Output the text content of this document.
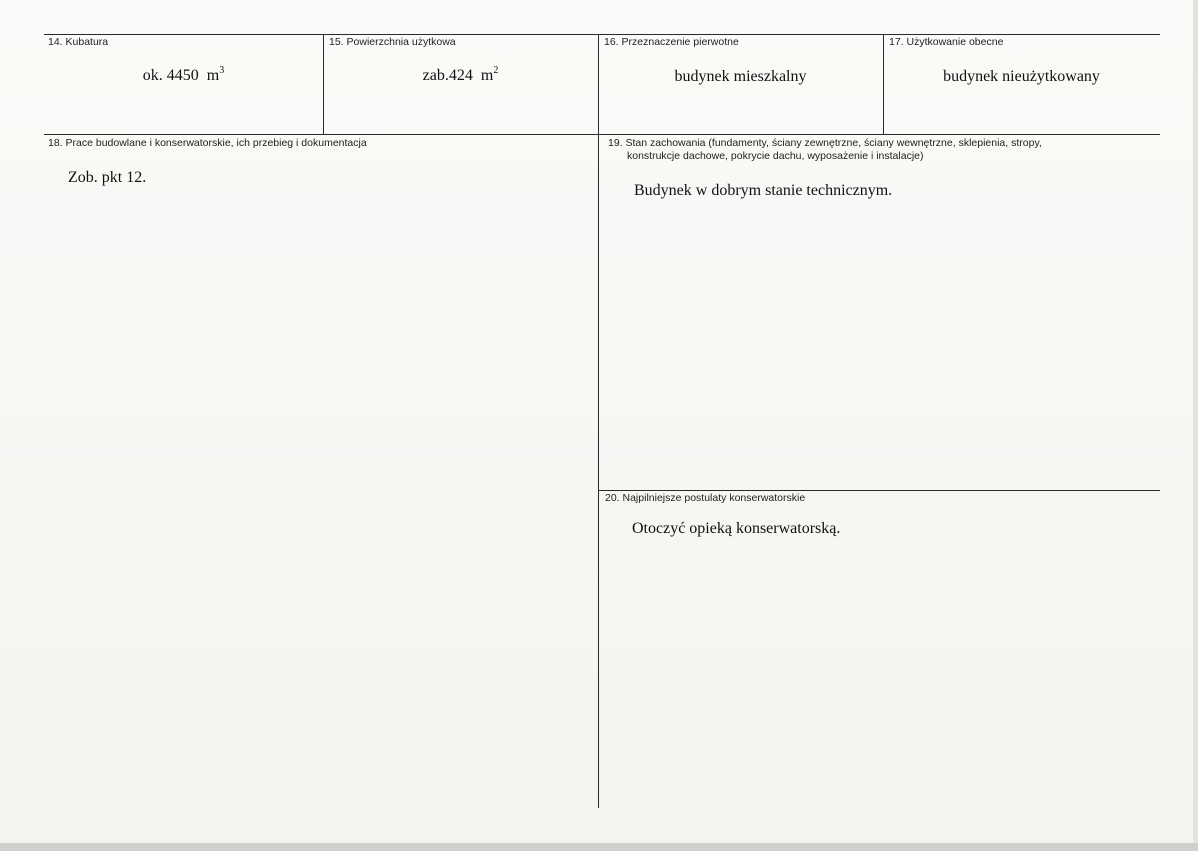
14. Kubatura
ok. 4450 $m^3$
15. Powierzchnia użytkowa
zab.424 $m^2$
16. Przeznaczenie pierwotne
budynek mieszkalny
17. Użytkowanie obecne
budynek nieużytkowany
18. Prace budowlane i konserwatorskie, ich przebieg i dokumentacja
Zob. pkt 12.
19. Stan zachowania (fundamenty, ściany zewnętrzne, ściany wewnętrzne, sklepienia, stropy,
konstrukcje dachowe, pokrycie dachu, wyposażenie i instalacje)
Budynek w dobrym stanie technicznym.
20. Najpilniejsze postulaty konserwatorskie
Otoczyć opieką konserwatorską.
